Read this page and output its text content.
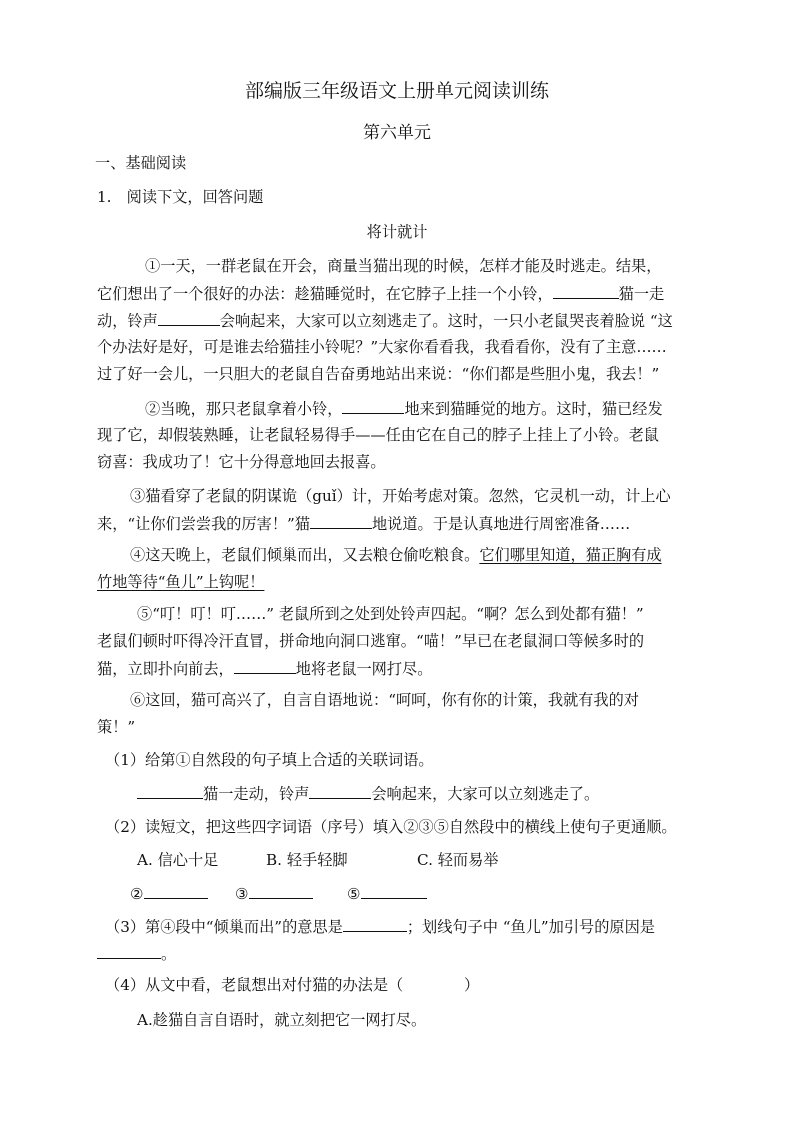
部编版三年级语文上册单元阅读训练
第六单元
一、基础阅读
1.　阅读下文，回答问题
将计就计
①一天，一群老鼠在开会，商量当猫出现的时候，怎样才能及时逃走。结果，
它们想出了一个很好的办法：趁猫睡觉时，在它脖子上挂一个小铃，	猫一走
动，铃声	会响起来，大家可以立刻逃走了。这时，一只小老鼠哭丧着脸说 “这
个办法好是好，可是谁去给猫挂小铃呢？”大家你看看我，我看看你，没有了主意……
过了好一会儿，一只胆大的老鼠自告奋勇地站出来说：“你们都是些胆小鬼，我去！”
②当晚，那只老鼠拿着小铃，	地来到猫睡觉的地方。这时，猫已经发
现了它，却假装熟睡，让老鼠轻易得手——任由它在自己的脖子上挂上了小铃。老鼠
窃喜：我成功了！它十分得意地回去报喜。
③猫看穿了老鼠的阴谋诡（guǐ）计，开始考虑对策。忽然，它灵机一动，计上心
来，“让你们尝尝我的厉害！”猫	地说道。于是认真地进行周密准备……
④这天晚上，老鼠们倾巢而出，又去粮仓偷吃粮食。它们哪里知道，猫正胸有成
竹地等待“鱼儿”上钩呢！
⑤“叮！叮！叮……” 老鼠所到之处到处铃声四起。“啊？怎么到处都有猫！”
老鼠们顿时吓得冷汗直冒，拼命地向洞口逃窜。“喵！”早已在老鼠洞口等候多时的
猫，立即扑向前去，	地将老鼠一网打尽。
⑥这回，猫可高兴了，自言自语地说：“呵呵，你有你的计策，我就有我的对
策！”
（1）给第①自然段的句子填上合适的关联词语。
猫一走动，铃声	会响起来，大家可以立刻逃走了。
（2）读短文，把这些四字词语（序号）填入②③⑤自然段中的横线上使句子更通顺。
A. 信心十足	B. 轻手轻脚	C. 轻而易举
②	③	⑤
（3）第④段中“倾巢而出”的意思是	；划线句子中 “鱼儿”加引号的原因是
。
（4）从文中看，老鼠想出对付猫的办法是（　　　　）
A.趁猫自言自语时，就立刻把它一网打尽。
